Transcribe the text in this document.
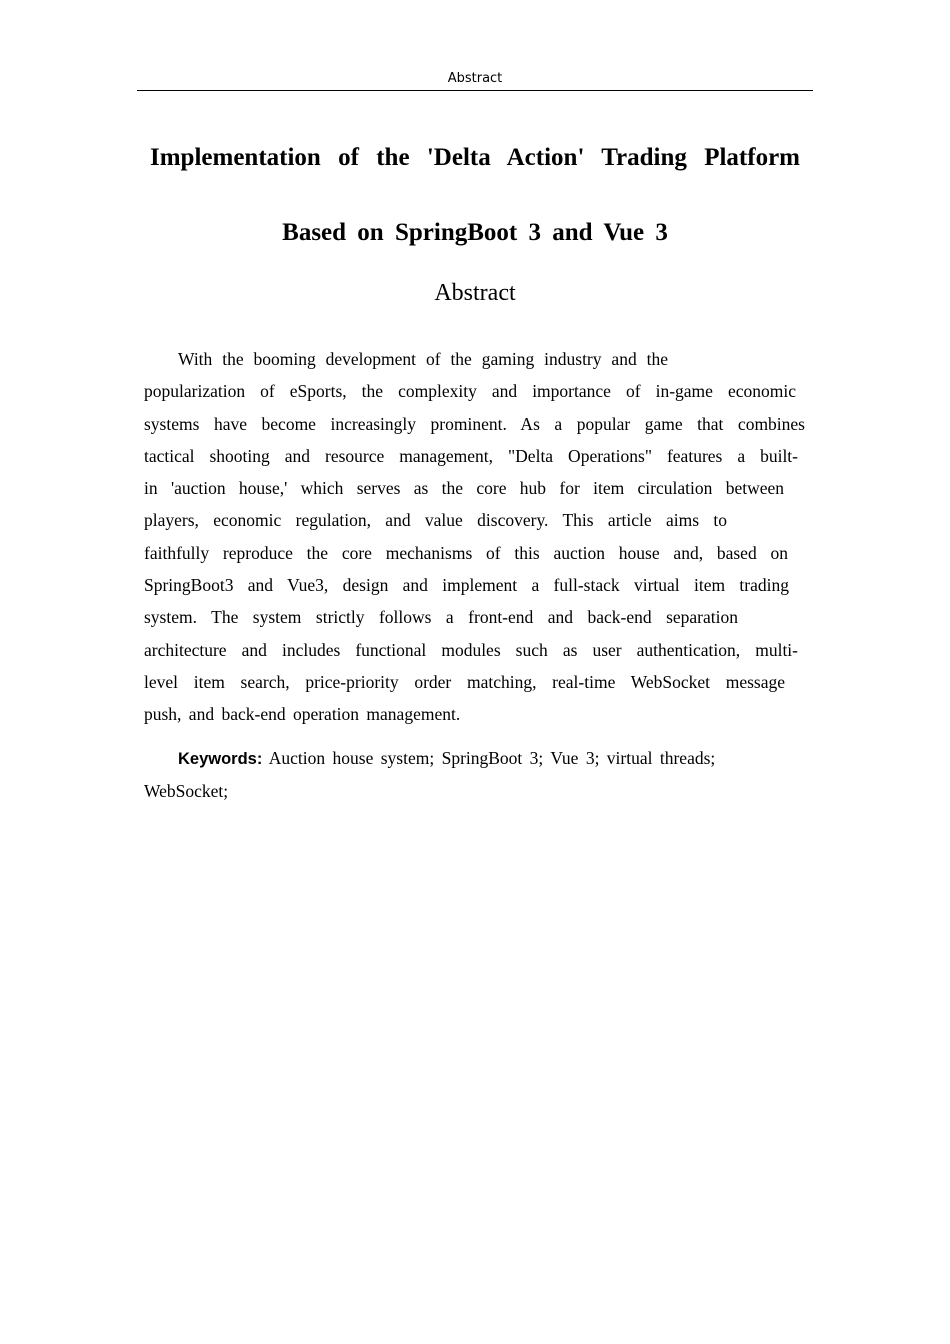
Abstract
Implementation of the 'Delta Action' Trading Platform
Based on SpringBoot 3 and Vue 3
Abstract
With the booming development of the gaming industry and the
popularization of eSports, the complexity and importance of in-game economic
systems have become increasingly prominent. As a popular game that combines
tactical shooting and resource management, "Delta Operations" features a built-
in 'auction house,' which serves as the core hub for item circulation between
players, economic regulation, and value discovery. This article aims to
faithfully reproduce the core mechanisms of this auction house and, based on
SpringBoot3 and Vue3, design and implement a full-stack virtual item trading
system. The system strictly follows a front-end and back-end separation
architecture and includes functional modules such as user authentication, multi-
level item search, price-priority order matching, real-time WebSocket message
push, and back-end operation management.
Keywords: Auction house system; SpringBoot 3; Vue 3; virtual threads;
WebSocket;
